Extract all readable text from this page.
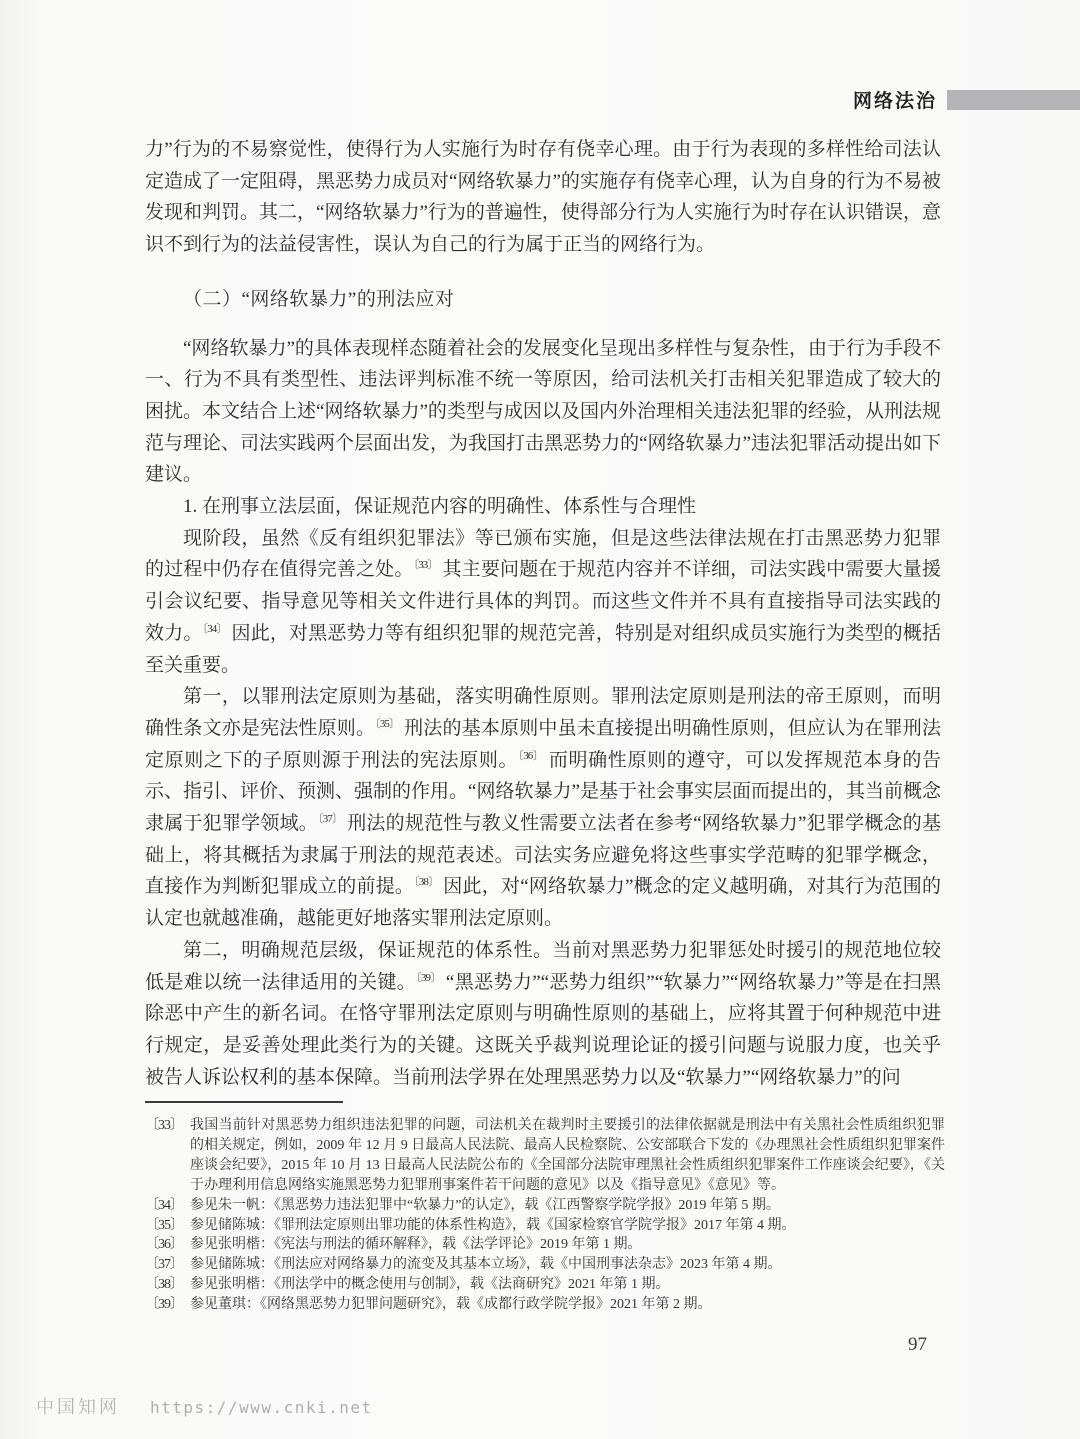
网络法治

力”行为的不易察觉性，使得行为人实施行为时存有侥幸心理。由于行为表现的多样性给司法认定造成了一定阻碍，黑恶势力成员对“网络软暴力”的实施存有侥幸心理，认为自身的行为不易被发现和判罚。其二，“网络软暴力”行为的普遍性，使得部分行为人实施行为时存在认识错误，意识不到行为的法益侵害性，误认为自己的行为属于正当的网络行为。

（二）“网络软暴力”的刑法应对

“网络软暴力”的具体表现样态随着社会的发展变化呈现出多样性与复杂性，由于行为手段不一、行为不具有类型性、违法评判标准不统一等原因，给司法机关打击相关犯罪造成了较大的困扰。本文结合上述“网络软暴力”的类型与成因以及国内外治理相关违法犯罪的经验，从刑法规范与理论、司法实践两个层面出发，为我国打击黑恶势力的“网络软暴力”违法犯罪活动提出如下建议。

1. 在刑事立法层面，保证规范内容的明确性、体系性与合理性

现阶段，虽然《反有组织犯罪法》等已颁布实施，但是这些法律法规在打击黑恶势力犯罪的过程中仍存在值得完善之处。$^{〔33〕}$ 其主要问题在于规范内容并不详细，司法实践中需要大量援引会议纪要、指导意见等相关文件进行具体的判罚。而这些文件并不具有直接指导司法实践的效力。$^{〔34〕}$ 因此，对黑恶势力等有组织犯罪的规范完善，特别是对组织成员实施行为类型的概括至关重要。

第一，以罪刑法定原则为基础，落实明确性原则。罪刑法定原则是刑法的帝王原则，而明确性条文亦是宪法性原则。$^{〔35〕}$ 刑法的基本原则中虽未直接提出明确性原则，但应认为在罪刑法定原则之下的子原则源于刑法的宪法原则。$^{〔36〕}$ 而明确性原则的遵守，可以发挥规范本身的告示、指引、评价、预测、强制的作用。“网络软暴力”是基于社会事实层面而提出的，其当前概念隶属于犯罪学领域。$^{〔37〕}$ 刑法的规范性与教义性需要立法者在参考“网络软暴力”犯罪学概念的基础上，将其概括为隶属于刑法的规范表述。司法实务应避免将这些事实学范畴的犯罪学概念，直接作为判断犯罪成立的前提。$^{〔38〕}$ 因此，对“网络软暴力”概念的定义越明确，对其行为范围的认定也就越准确，越能更好地落实罪刑法定原则。

第二，明确规范层级，保证规范的体系性。当前对黑恶势力犯罪惩处时援引的规范地位较低是难以统一法律适用的关键。$^{〔39〕}$ “黑恶势力”“恶势力组织”“软暴力”“网络软暴力”等是在扫黑除恶中产生的新名词。在恪守罪刑法定原则与明确性原则的基础上，应将其置于何种规范中进行规定，是妥善处理此类行为的关键。这既关乎裁判说理论证的援引问题与说服力度，也关乎被告人诉讼权利的基本保障。当前刑法学界在处理黑恶势力以及“软暴力”“网络软暴力”的问

〔33〕 我国当前针对黑恶势力组织违法犯罪的问题，司法机关在裁判时主要援引的法律依据就是刑法中有关黑社会性质组织犯罪的相关规定，例如，2009 年 12 月 9 日最高人民法院、最高人民检察院、公安部联合下发的《办理黑社会性质组织犯罪案件座谈会纪要》，2015 年 10 月 13 日最高人民法院公布的《全国部分法院审理黑社会性质组织犯罪案件工作座谈会纪要》，《关于办理利用信息网络实施黑恶势力犯罪刑事案件若干问题的意见》以及《指导意见》《意见》等。
〔34〕 参见朱一帆：《黑恶势力违法犯罪中“软暴力”的认定》，载《江西警察学院学报》2019 年第 5 期。
〔35〕 参见储陈城：《罪刑法定原则出罪功能的体系性构造》，载《国家检察官学院学报》2017 年第 4 期。
〔36〕 参见张明楷：《宪法与刑法的循环解释》，载《法学评论》2019 年第 1 期。
〔37〕 参见储陈城：《刑法应对网络暴力的流变及其基本立场》，载《中国刑事法杂志》2023 年第 4 期。
〔38〕 参见张明楷：《刑法学中的概念使用与创制》，载《法商研究》2021 年第 1 期。
〔39〕 参见董琪：《网络黑恶势力犯罪问题研究》，载《成都行政学院学报》2021 年第 2 期。
97
中国知网 https://www.cnki.net
